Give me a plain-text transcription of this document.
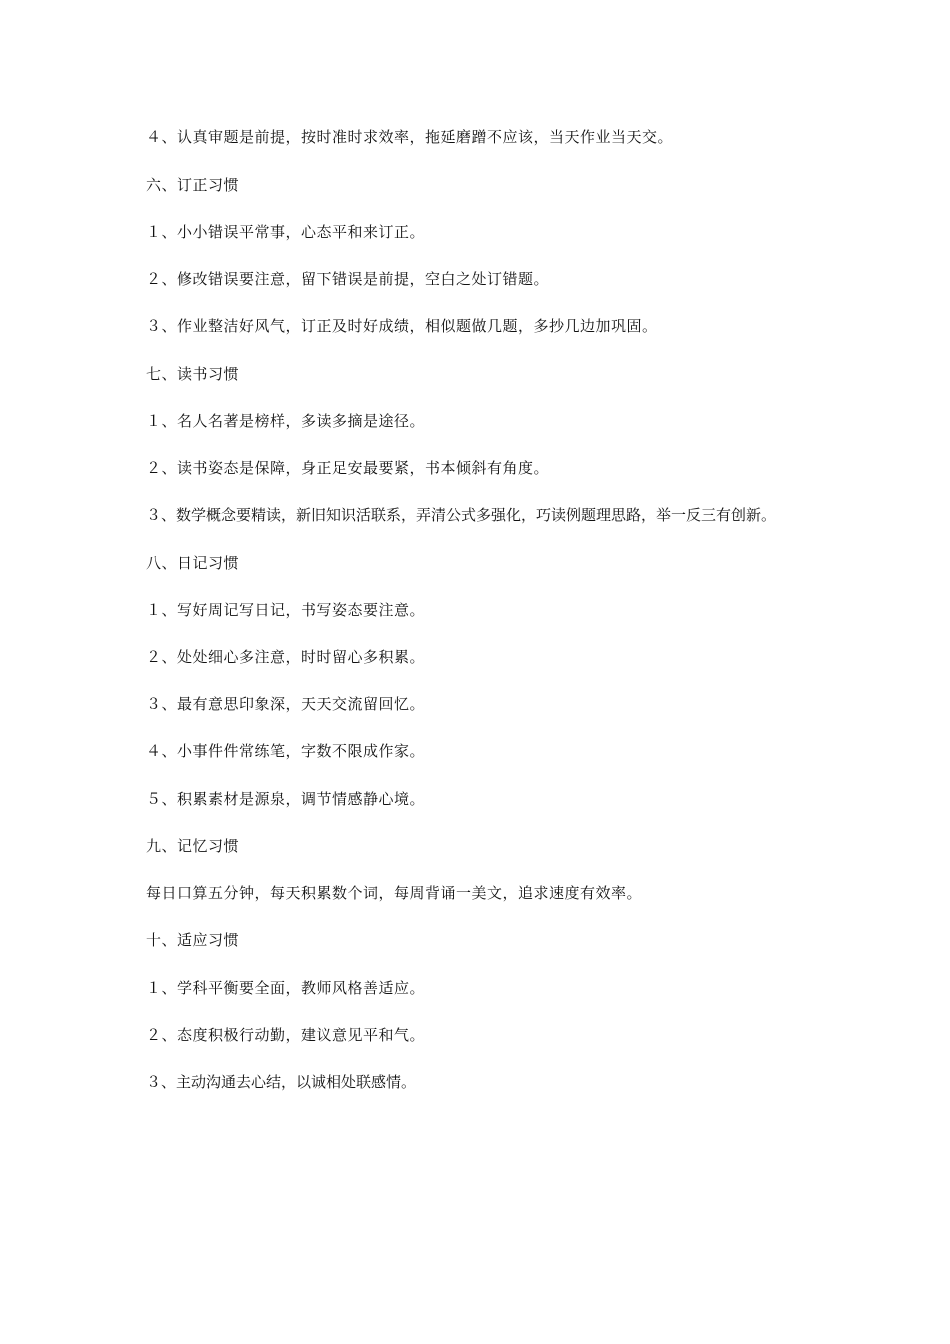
４、认真审题是前提，按时准时求效率，拖延磨蹭不应该，当天作业当天交。
六、订正习惯
１、小小错误平常事，心态平和来订正。
２、修改错误要注意，留下错误是前提，空白之处订错题。
３、作业整洁好风气，订正及时好成绩，相似题做几题，多抄几边加巩固。
七、读书习惯
１、名人名著是榜样，多读多摘是途径。
２、读书姿态是保障，身正足安最要紧，书本倾斜有角度。
３、数学概念要精读，新旧知识活联系，弄清公式多强化，巧读例题理思路，举一反三有创新。
八、日记习惯
１、写好周记写日记，书写姿态要注意。
２、处处细心多注意，时时留心多积累。
３、最有意思印象深，天天交流留回忆。
４、小事件件常练笔，字数不限成作家。
５、积累素材是源泉，调节情感静心境。
九、记忆习惯
每日口算五分钟，每天积累数个词，每周背诵一美文，追求速度有效率。
十、适应习惯
１、学科平衡要全面，教师风格善适应。
２、态度积极行动勤，建议意见平和气。
３、主动沟通去心结，以诚相处联感情。
